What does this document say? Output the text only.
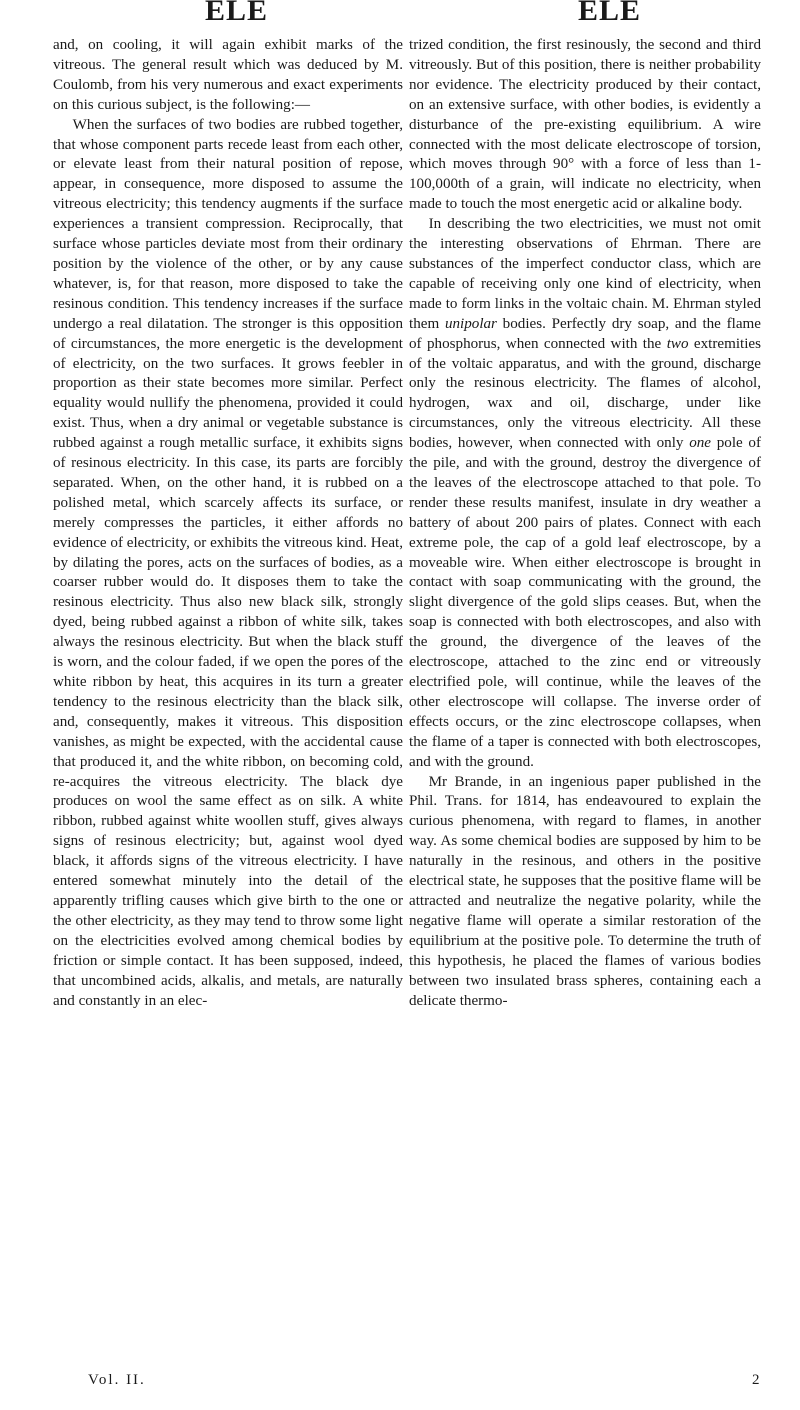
ELE	ELE

and, on cooling, it will again exhibit marks of the vitreous. The general result which was deduced by M. Coulomb, from his very numerous and exact experiments on this curious subject, is the following:—

When the surfaces of two bodies are rubbed together, that whose component parts recede least from each other, or elevate least from their natural position of repose, appear, in consequence, more disposed to assume the vitreous electricity; this tendency augments if the surface experiences a transient compression. Reciprocally, that surface whose particles deviate most from their ordinary position by the violence of the other, or by any cause whatever, is, for that reason, more disposed to take the resinous condition. This tendency increases if the surface undergo a real dilatation. The stronger is this opposition of circumstances, the more energetic is the development of electricity, on the two surfaces. It grows feebler in proportion as their state becomes more similar. Perfect equality would nullify the phenomena, provided it could exist. Thus, when a dry animal or vegetable substance is rubbed against a rough metallic surface, it exhibits signs of resinous electricity. In this case, its parts are forcibly separated. When, on the other hand, it is rubbed on a polished metal, which scarcely affects its surface, or merely compresses the particles, it either affords no evidence of electricity, or exhibits the vitreous kind. Heat, by dilating the pores, acts on the surfaces of bodies, as a coarser rubber would do. It disposes them to take the resinous electricity. Thus also new black silk, strongly dyed, being rubbed against a ribbon of white silk, takes always the resinous electricity. But when the black stuff is worn, and the colour faded, if we open the pores of the white ribbon by heat, this acquires in its turn a greater tendency to the resinous electricity than the black silk, and, consequently, makes it vitreous. This disposition vanishes, as might be expected, with the accidental cause that produced it, and the white ribbon, on becoming cold, re-acquires the vitreous electricity. The black dye produces on wool the same effect as on silk. A white ribbon, rubbed against white woollen stuff, gives always signs of resinous electricity; but, against wool dyed black, it affords signs of the vitreous electricity. I have entered somewhat minutely into the detail of the apparently trifling causes which give birth to the one or the other electricity, as they may tend to throw some light on the electricities evolved among chemical bodies by friction or simple contact. It has been supposed, indeed, that uncombined acids, alkalis, and metals, are naturally and constantly in an elec-

trized condition, the first resinously, the second and third vitreously. But of this position, there is neither probability nor evidence. The electricity produced by their contact, on an extensive surface, with other bodies, is evidently a disturbance of the pre-existing equilibrium. A wire connected with the most delicate electroscope of torsion, which moves through 90° with a force of less than 1-100,000th of a grain, will indicate no electricity, when made to touch the most energetic acid or alkaline body.

In describing the two electricities, we must not omit the interesting observations of Ehrman. There are substances of the imperfect conductor class, which are capable of receiving only one kind of electricity, when made to form links in the voltaic chain. M. Ehrman styled them unipolar bodies. Perfectly dry soap, and the flame of phosphorus, when connected with the two extremities of the voltaic apparatus, and with the ground, discharge only the resinous electricity. The flames of alcohol, hydrogen, wax and oil, discharge, under like circumstances, only the vitreous electricity. All these bodies, however, when connected with only one pole of the pile, and with the ground, destroy the divergence of the leaves of the electroscope attached to that pole. To render these results manifest, insulate in dry weather a battery of about 200 pairs of plates. Connect with each extreme pole, the cap of a gold leaf electroscope, by a moveable wire. When either electroscope is brought in contact with soap communicating with the ground, the slight divergence of the gold slips ceases. But, when the soap is connected with both electroscopes, and also with the ground, the divergence of the leaves of the electroscope, attached to the zinc end or vitreously electrified pole, will continue, while the leaves of the other electroscope will collapse. The inverse order of effects occurs, or the zinc electroscope collapses, when the flame of a taper is connected with both electroscopes, and with the ground.

Mr Brande, in an ingenious paper published in the Phil. Trans. for 1814, has endeavoured to explain the curious phenomena, with regard to flames, in another way. As some chemical bodies are supposed by him to be naturally in the resinous, and others in the positive electrical state, he supposes that the positive flame will be attracted and neutralize the negative polarity, while the negative flame will operate a similar restoration of the equilibrium at the positive pole. To determine the truth of this hypothesis, he placed the flames of various bodies between two insulated brass spheres, containing each a delicate thermo-

Vol. II.	2
